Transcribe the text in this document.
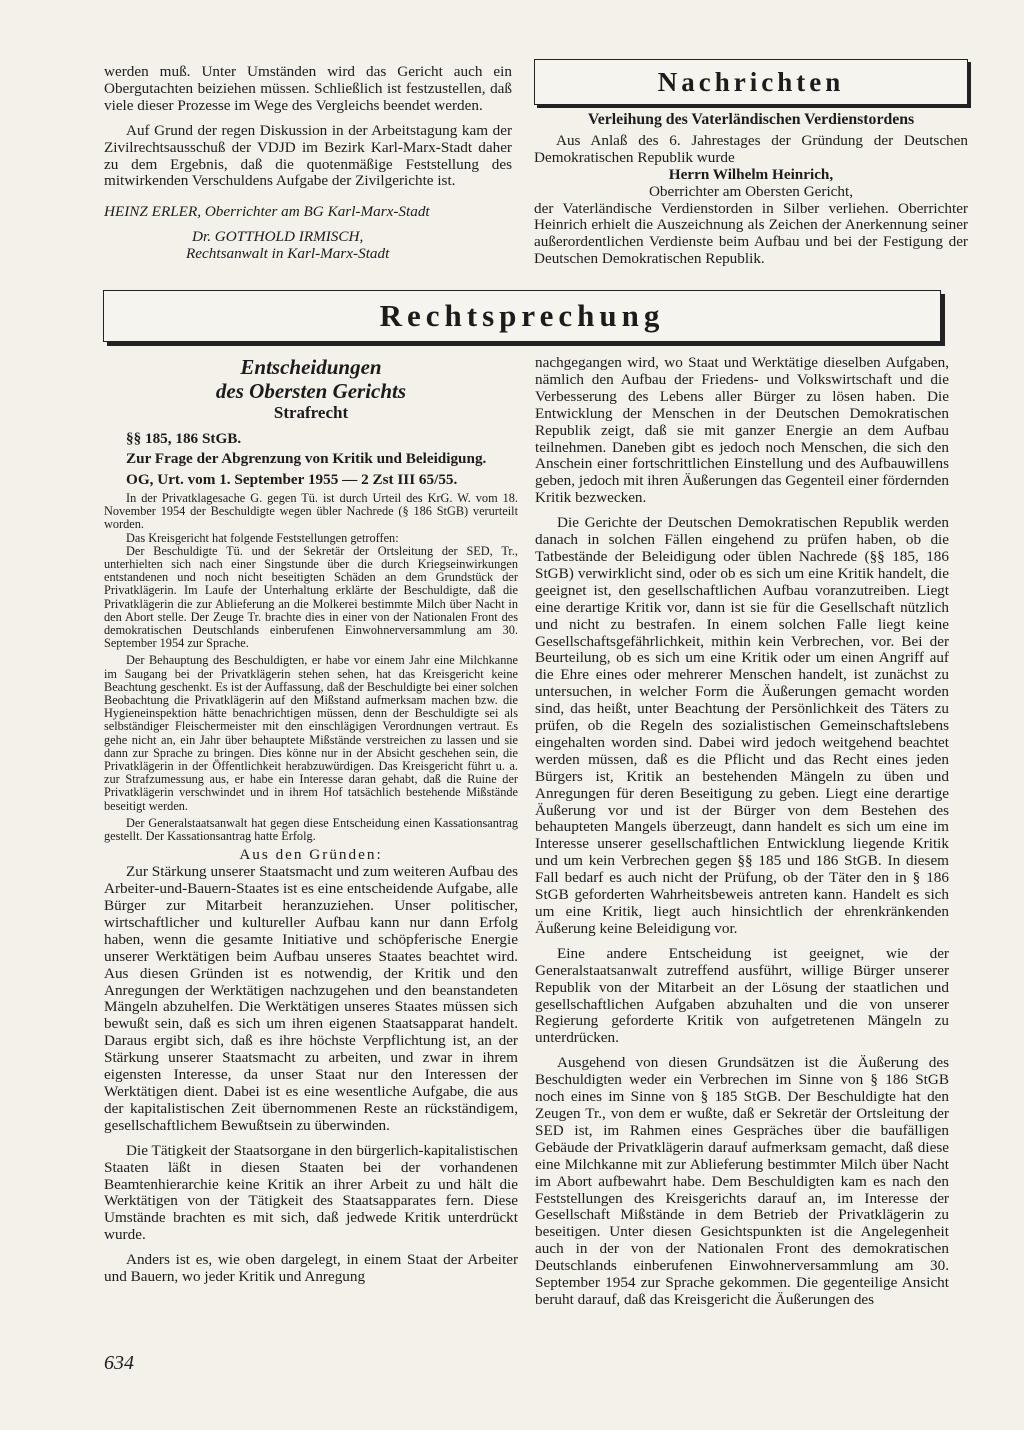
werden muß. Unter Umständen wird das Gericht auch ein Obergutachten beiziehen müssen. Schließlich ist festzustellen, daß viele dieser Prozesse im Wege des Vergleichs beendet werden.

Auf Grund der regen Diskussion in der Arbeitstagung kam der Zivilrechtsausschuß der VDJD im Bezirk Karl-Marx-Stadt daher zu dem Ergebnis, daß die quotenmäßige Feststellung des mitwirkenden Verschuldens Aufgabe der Zivilgerichte ist.

HEINZ ERLER, Oberrichter am BG Karl-Marx-Stadt

Dr. GOTTHOLD IRMISCH,

Rechtsanwalt in Karl-Marx-Stadt

Nachrichten

Verleihung des Vaterländischen Verdienstordens

Aus Anlaß des 6. Jahrestages der Gründung der Deutschen Demokratischen Republik wurde

Herrn Wilhelm Heinrich,

Oberrichter am Obersten Gericht,

der Vaterländische Verdienstorden in Silber verliehen. Oberrichter Heinrich erhielt die Auszeichnung als Zeichen der Anerkennung seiner außerordentlichen Verdienste beim Aufbau und bei der Festigung der Deutschen Demokratischen Republik.

Rechtsprechung
Entscheidungen
des Obersten Gerichts
Strafrecht

§§ 185, 186 StGB.

Zur Frage der Abgrenzung von Kritik und Beleidigung.

OG, Urt. vom 1. September 1955 — 2 Zst III 65/55.

In der Privatklagesache G. gegen Tü. ist durch Urteil des KrG. W. vom 18. November 1954 der Beschuldigte wegen übler Nachrede (§ 186 StGB) verurteilt worden.

Das Kreisgericht hat folgende Feststellungen getroffen:

Der Beschuldigte Tü. und der Sekretär der Ortsleitung der SED, Tr., unterhielten sich nach einer Singstunde über die durch Kriegseinwirkungen entstandenen und noch nicht beseitigten Schäden an dem Grundstück der Privatklägerin. Im Laufe der Unterhaltung erklärte der Beschuldigte, daß die Privatklägerin die zur Ablieferung an die Molkerei bestimmte Milch über Nacht in den Abort stelle. Der Zeuge Tr. brachte dies in einer von der Nationalen Front des demokratischen Deutschlands einberufenen Einwohnerversammlung am 30. September 1954 zur Sprache.

Der Behauptung des Beschuldigten, er habe vor einem Jahr eine Milchkanne im Saugang bei der Privatklägerin stehen sehen, hat das Kreisgericht keine Beachtung geschenkt. Es ist der Auffassung, daß der Beschuldigte bei einer solchen Beobachtung die Privatklägerin auf den Mißstand aufmerksam machen bzw. die Hygieneinspektion hätte benachrichtigen müssen, denn der Beschuldigte sei als selbständiger Fleischermeister mit den einschlägigen Verordnungen vertraut. Es gehe nicht an, ein Jahr über behauptete Mißstände verstreichen zu lassen und sie dann zur Sprache zu bringen. Dies könne nur in der Absicht geschehen sein, die Privatklägerin in der Öffentlichkeit herabzuwürdigen. Das Kreisgericht führt u. a. zur Strafzumessung aus, er habe ein Interesse daran gehabt, daß die Ruine der Privatklägerin verschwindet und in ihrem Hof tatsächlich bestehende Mißstände beseitigt werden.

Der Generalstaatsanwalt hat gegen diese Entscheidung einen Kassationsantrag gestellt. Der Kassationsantrag hatte Erfolg.

Aus den Gründen:

Zur Stärkung unserer Staatsmacht und zum weiteren Aufbau des Arbeiter-und-Bauern-Staates ist es eine entscheidende Aufgabe, alle Bürger zur Mitarbeit heranzuziehen. Unser politischer, wirtschaftlicher und kultureller Aufbau kann nur dann Erfolg haben, wenn die gesamte Initiative und schöpferische Energie unserer Werktätigen beim Aufbau unseres Staates beachtet wird. Aus diesen Gründen ist es notwendig, der Kritik und den Anregungen der Werktätigen nachzugehen und den beanstandeten Mängeln abzuhelfen. Die Werktätigen unseres Staates müssen sich bewußt sein, daß es sich um ihren eigenen Staatsapparat handelt. Daraus ergibt sich, daß es ihre höchste Verpflichtung ist, an der Stärkung unserer Staatsmacht zu arbeiten, und zwar in ihrem eigensten Interesse, da unser Staat nur den Interessen der Werktätigen dient. Dabei ist es eine wesentliche Aufgabe, die aus der kapitalistischen Zeit übernommenen Reste an rückständigem, gesellschaftlichem Bewußtsein zu überwinden.

Die Tätigkeit der Staatsorgane in den bürgerlich-kapitalistischen Staaten läßt in diesen Staaten bei der vorhandenen Beamtenhierarchie keine Kritik an ihrer Arbeit zu und hält die Werktätigen von der Tätigkeit des Staatsapparates fern. Diese Umstände brachten es mit sich, daß jedwede Kritik unterdrückt wurde.

Anders ist es, wie oben dargelegt, in einem Staat der Arbeiter und Bauern, wo jeder Kritik und Anregung

nachgegangen wird, wo Staat und Werktätige dieselben Aufgaben, nämlich den Aufbau der Friedens- und Volkswirtschaft und die Verbesserung des Lebens aller Bürger zu lösen haben. Die Entwicklung der Menschen in der Deutschen Demokratischen Republik zeigt, daß sie mit ganzer Energie an dem Aufbau teilnehmen. Daneben gibt es jedoch noch Menschen, die sich den Anschein einer fortschrittlichen Einstellung und des Aufbauwillens geben, jedoch mit ihren Äußerungen das Gegenteil einer fördernden Kritik bezwecken.

Die Gerichte der Deutschen Demokratischen Republik werden danach in solchen Fällen eingehend zu prüfen haben, ob die Tatbestände der Beleidigung oder üblen Nachrede (§§ 185, 186 StGB) verwirklicht sind, oder ob es sich um eine Kritik handelt, die geeignet ist, den gesellschaftlichen Aufbau voranzutreiben. Liegt eine derartige Kritik vor, dann ist sie für die Gesellschaft nützlich und nicht zu bestrafen. In einem solchen Falle liegt keine Gesellschaftsgefährlichkeit, mithin kein Verbrechen, vor. Bei der Beurteilung, ob es sich um eine Kritik oder um einen Angriff auf die Ehre eines oder mehrerer Menschen handelt, ist zunächst zu untersuchen, in welcher Form die Äußerungen gemacht worden sind, das heißt, unter Beachtung der Persönlichkeit des Täters zu prüfen, ob die Regeln des sozialistischen Gemeinschaftslebens eingehalten worden sind. Dabei wird jedoch weitgehend beachtet werden müssen, daß es die Pflicht und das Recht eines jeden Bürgers ist, Kritik an bestehenden Mängeln zu üben und Anregungen für deren Beseitigung zu geben. Liegt eine derartige Äußerung vor und ist der Bürger von dem Bestehen des behaupteten Mangels überzeugt, dann handelt es sich um eine im Interesse unserer gesellschaftlichen Entwicklung liegende Kritik und um kein Verbrechen gegen §§ 185 und 186 StGB. In diesem Fall bedarf es auch nicht der Prüfung, ob der Täter den in § 186 StGB geforderten Wahrheitsbeweis antreten kann. Handelt es sich um eine Kritik, liegt auch hinsichtlich der ehrenkränkenden Äußerung keine Beleidigung vor.

Eine andere Entscheidung ist geeignet, wie der Generalstaatsanwalt zutreffend ausführt, willige Bürger unserer Republik von der Mitarbeit an der Lösung der staatlichen und gesellschaftlichen Aufgaben abzuhalten und die von unserer Regierung geforderte Kritik von aufgetretenen Mängeln zu unterdrücken.

Ausgehend von diesen Grundsätzen ist die Äußerung des Beschuldigten weder ein Verbrechen im Sinne von § 186 StGB noch eines im Sinne von § 185 StGB. Der Beschuldigte hat den Zeugen Tr., von dem er wußte, daß er Sekretär der Ortsleitung der SED ist, im Rahmen eines Gespräches über die baufälligen Gebäude der Privatklägerin darauf aufmerksam gemacht, daß diese eine Milchkanne mit zur Ablieferung bestimmter Milch über Nacht im Abort aufbewahrt habe. Dem Beschuldigten kam es nach den Feststellungen des Kreisgerichts darauf an, im Interesse der Gesellschaft Mißstände in dem Betrieb der Privatklägerin zu beseitigen. Unter diesen Gesichtspunkten ist die Angelegenheit auch in der von der Nationalen Front des demokratischen Deutschlands einberufenen Einwohnerversammlung am 30. September 1954 zur Sprache gekommen. Die gegenteilige Ansicht beruht darauf, daß das Kreisgericht die Äußerungen des

634
